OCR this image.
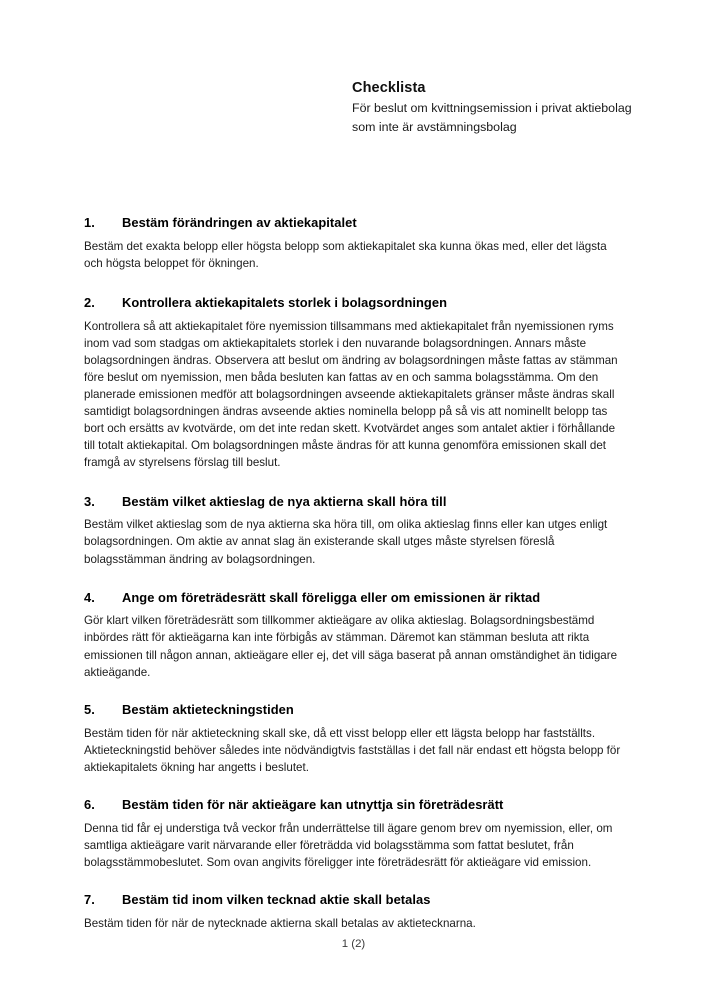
Checklista
För beslut om kvittningsemission i privat aktiebolag som inte är avstämningsbolag
1.	Bestäm förändringen av aktiekapitalet

Bestäm det exakta belopp eller högsta belopp som aktiekapitalet ska kunna ökas med, eller det lägsta och högsta beloppet för ökningen.

2.	Kontrollera aktiekapitalets storlek i bolagsordningen

Kontrollera så att aktiekapitalet före nyemission tillsammans med aktiekapitalet från nyemissionen ryms inom vad som stadgas om aktiekapitalets storlek i den nuvarande bolagsordningen. Annars måste bolagsordningen ändras. Observera att beslut om ändring av bolagsordningen måste fattas av stämman före beslut om nyemission, men båda besluten kan fattas av en och samma bolagsstämma. Om den planerade emissionen medför att bolagsordningen avseende aktiekapitalets gränser måste ändras skall samtidigt bolagsordningen ändras avseende akties nominella belopp på så vis att nominellt belopp tas bort och ersätts av kvotvärde, om det inte redan skett. Kvotvärdet anges som antalet aktier i förhållande till totalt aktiekapital. Om bolagsordningen måste ändras för att kunna genomföra emissionen skall det framgå av styrelsens förslag till beslut.

3.	Bestäm vilket aktieslag de nya aktierna skall höra till

Bestäm vilket aktieslag som de nya aktierna ska höra till, om olika aktieslag finns eller kan utges enligt bolagsordningen. Om aktie av annat slag än existerande skall utges måste styrelsen föreslå bolagsstämman ändring av bolagsordningen.

4.	Ange om företrädesrätt skall föreligga eller om emissionen är riktad

Gör klart vilken företrädesrätt som tillkommer aktieägare av olika aktieslag. Bolagsordningsbestämd inbördes rätt för aktieägarna kan inte förbigås av stämman. Däremot kan stämman besluta att rikta emissionen till någon annan, aktieägare eller ej, det vill säga baserat på annan omständighet än tidigare aktieägande.

5.	Bestäm aktieteckningstiden

Bestäm tiden för när aktieteckning skall ske, då ett visst belopp eller ett lägsta belopp har fastställts. Aktieteckningstid behöver således inte nödvändigtvis fastställas i det fall när endast ett högsta belopp för aktiekapitalets ökning har angetts i beslutet.

6.	Bestäm tiden för när aktieägare kan utnyttja sin företrädesrätt

Denna tid får ej understiga två veckor från underrättelse till ägare genom brev om nyemission, eller, om samtliga aktieägare varit närvarande eller företrädda vid bolagsstämma som fattat beslutet, från bolagsstämmobeslutet. Som ovan angivits föreligger inte företrädesrätt för aktieägare vid emission.

7.	Bestäm tid inom vilken tecknad aktie skall betalas

Bestäm tiden för när de nytecknade aktierna skall betalas av aktietecknarna.

1 (2)
